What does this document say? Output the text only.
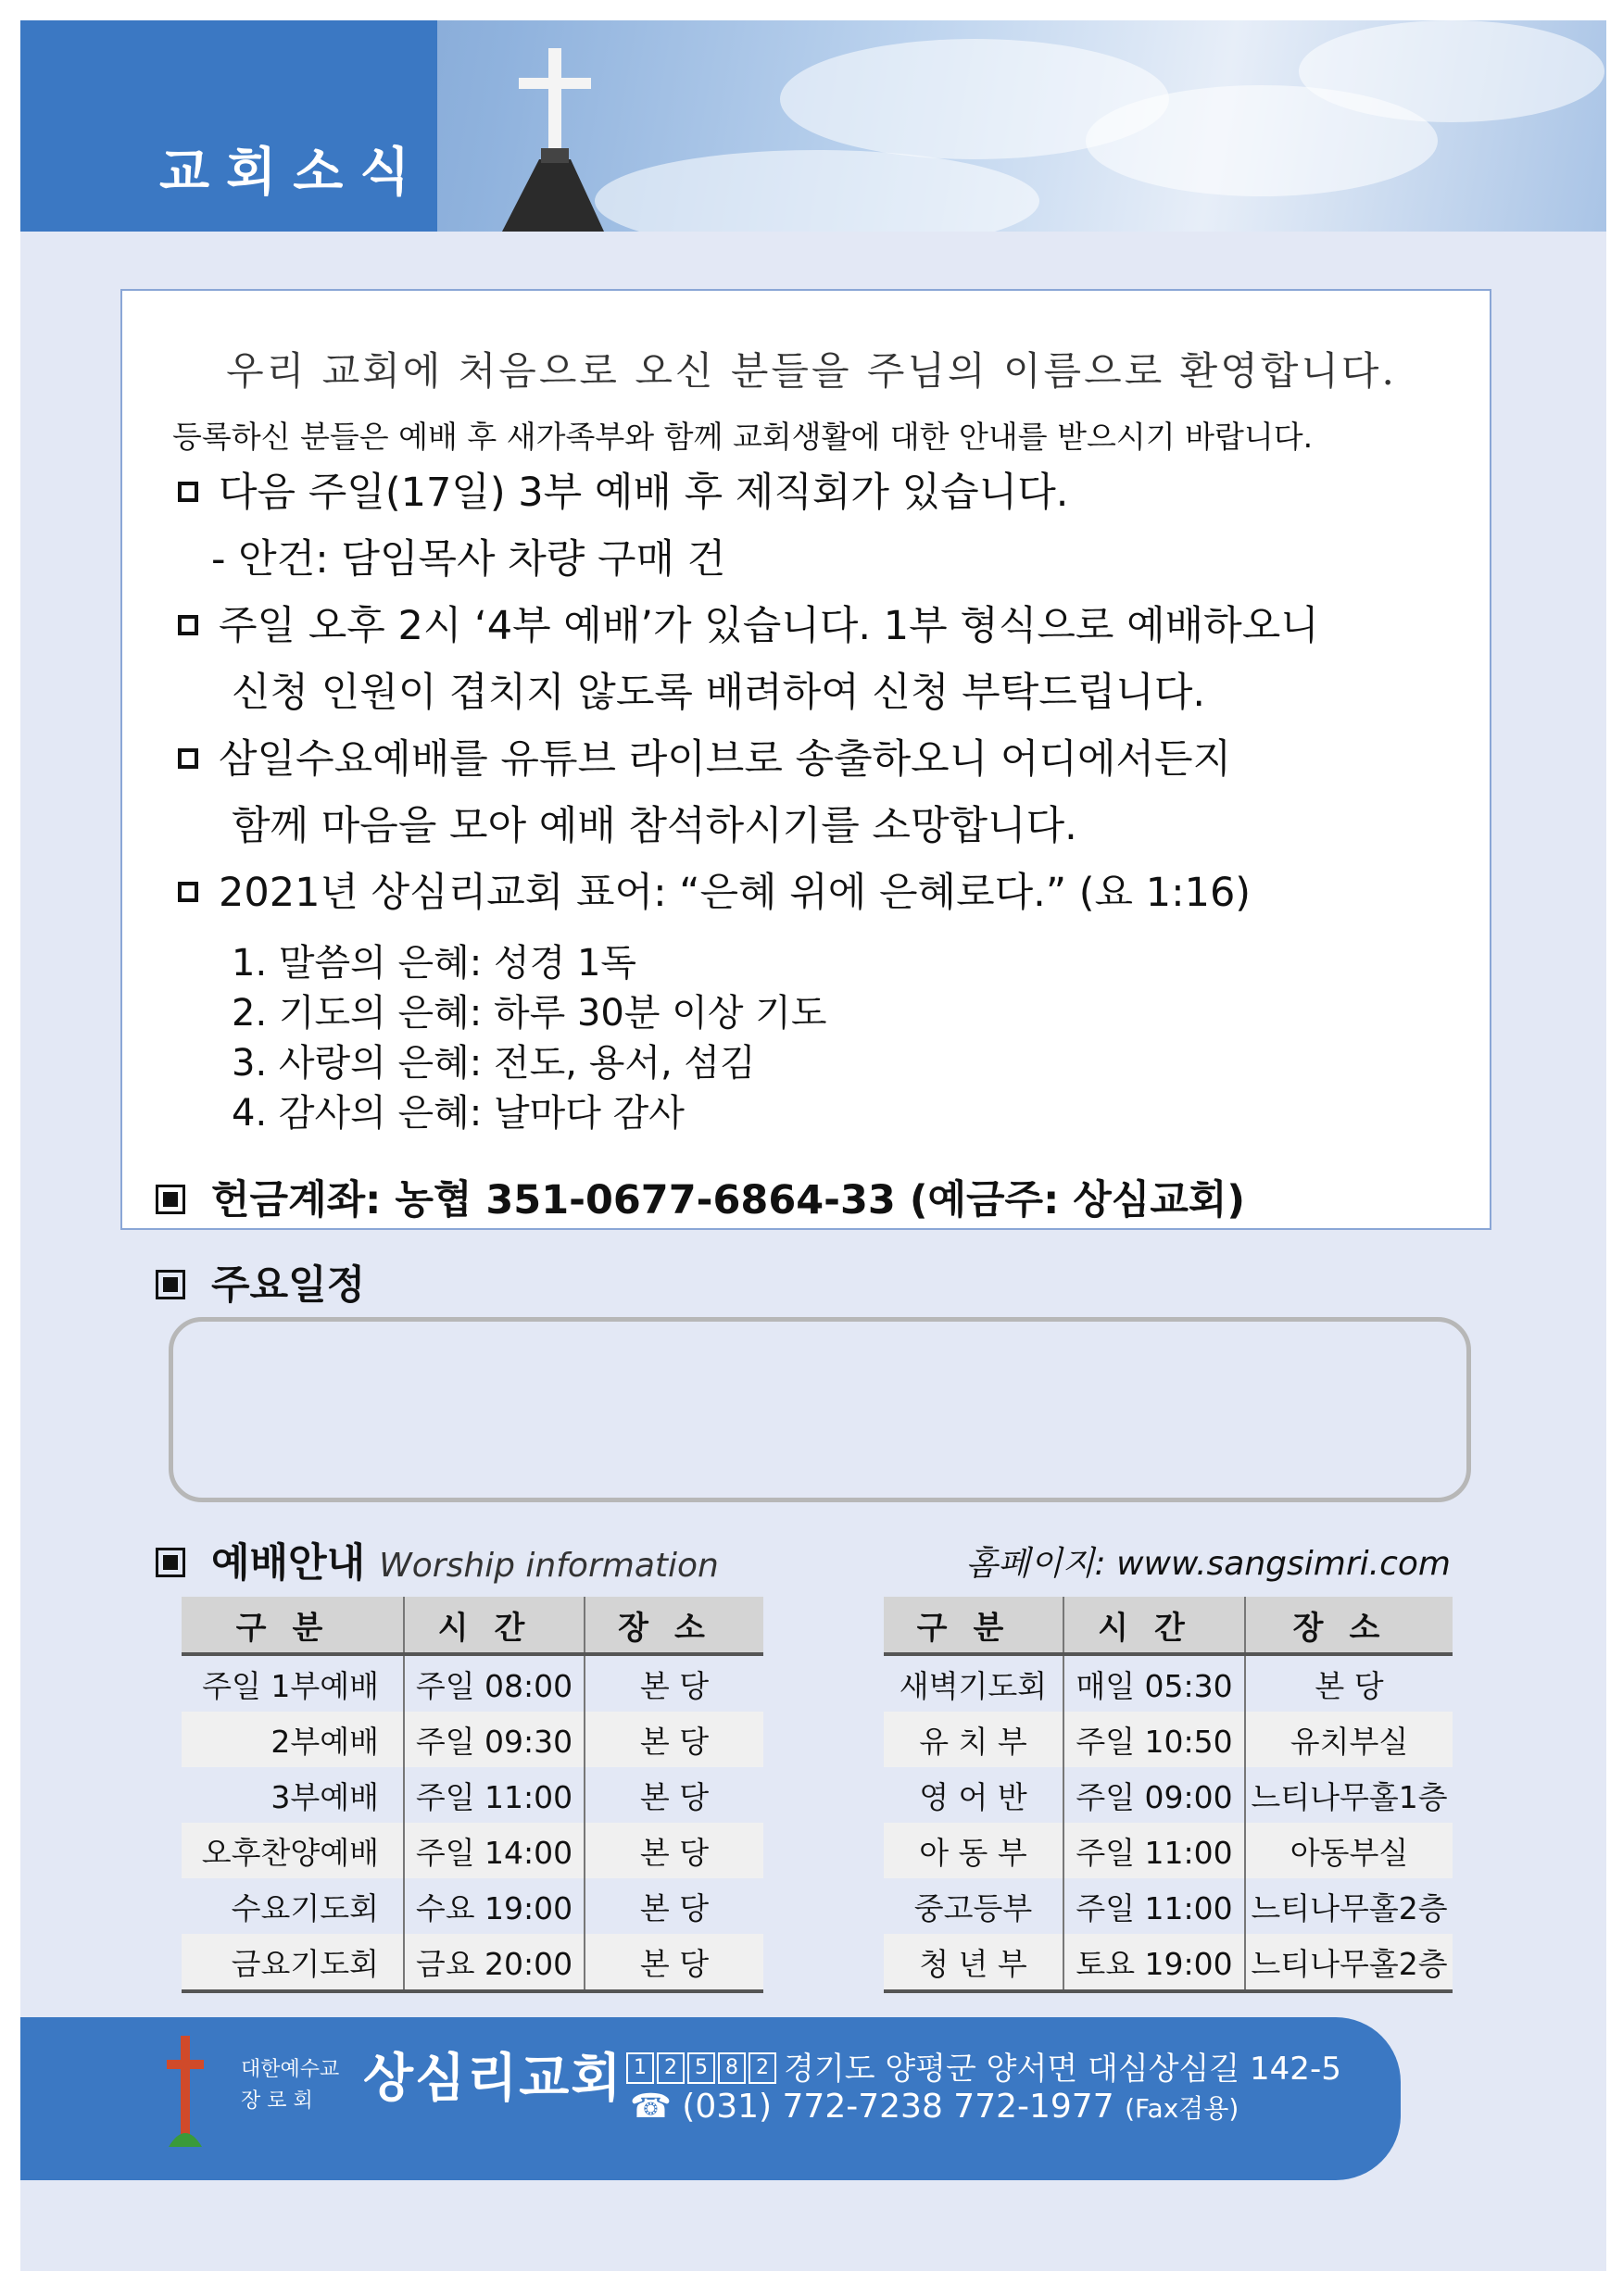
교회소식
우리 교회에 처음으로 오신 분들을 주님의 이름으로 환영합니다.
등록하신 분들은 예배 후 새가족부와 함께 교회생활에 대한 안내를 받으시기 바랍니다.
다음 주일(17일) 3부 예배 후 제직회가 있습니다.
- 안건: 담임목사 차량 구매 건
주일 오후 2시 ‘4부 예배’가 있습니다. 1부 형식으로 예배하오니
신청 인원이 겹치지 않도록 배려하여 신청 부탁드립니다.
삼일수요예배를 유튜브 라이브로 송출하오니 어디에서든지
함께 마음을 모아 예배 참석하시기를 소망합니다.
2021년 상심리교회 표어: “은혜 위에 은혜로다.” (요 1:16)
1. 말씀의 은혜: 성경 1독
2. 기도의 은혜: 하루 30분 이상 기도
3. 사랑의 은혜: 전도, 용서, 섬김
4. 감사의 은혜: 날마다 감사
헌금계좌: 농협 351-0677-6864-33 (예금주: 상심교회)
주요일정
예배안내 Worship information	홈페이지: www.sangsimri.com
구분	시간	장소
주일 1부예배	주일 08:00	본 당
2부예배	주일 09:30	본 당
3부예배	주일 11:00	본 당
오후찬양예배	주일 14:00	본 당
수요기도회	수요 19:00	본 당
금요기도회	금요 20:00	본 당
구분	시간	장소
새벽기도회	매일 05:30	본 당
유 치 부	주일 10:50	유치부실
영 어 반	주일 09:00	느티나무홀1층
아 동 부	주일 11:00	아동부실
중고등부	주일 11:00	느티나무홀2층
청 년 부	토요 19:00	느티나무홀2층
대한예수교
장 로 회 상심리교회 1 2 5 8 2 경기도 양평군 양서면 대심상심길 142-5
☎ (031) 772-7238 772-1977 (Fax겸용)
